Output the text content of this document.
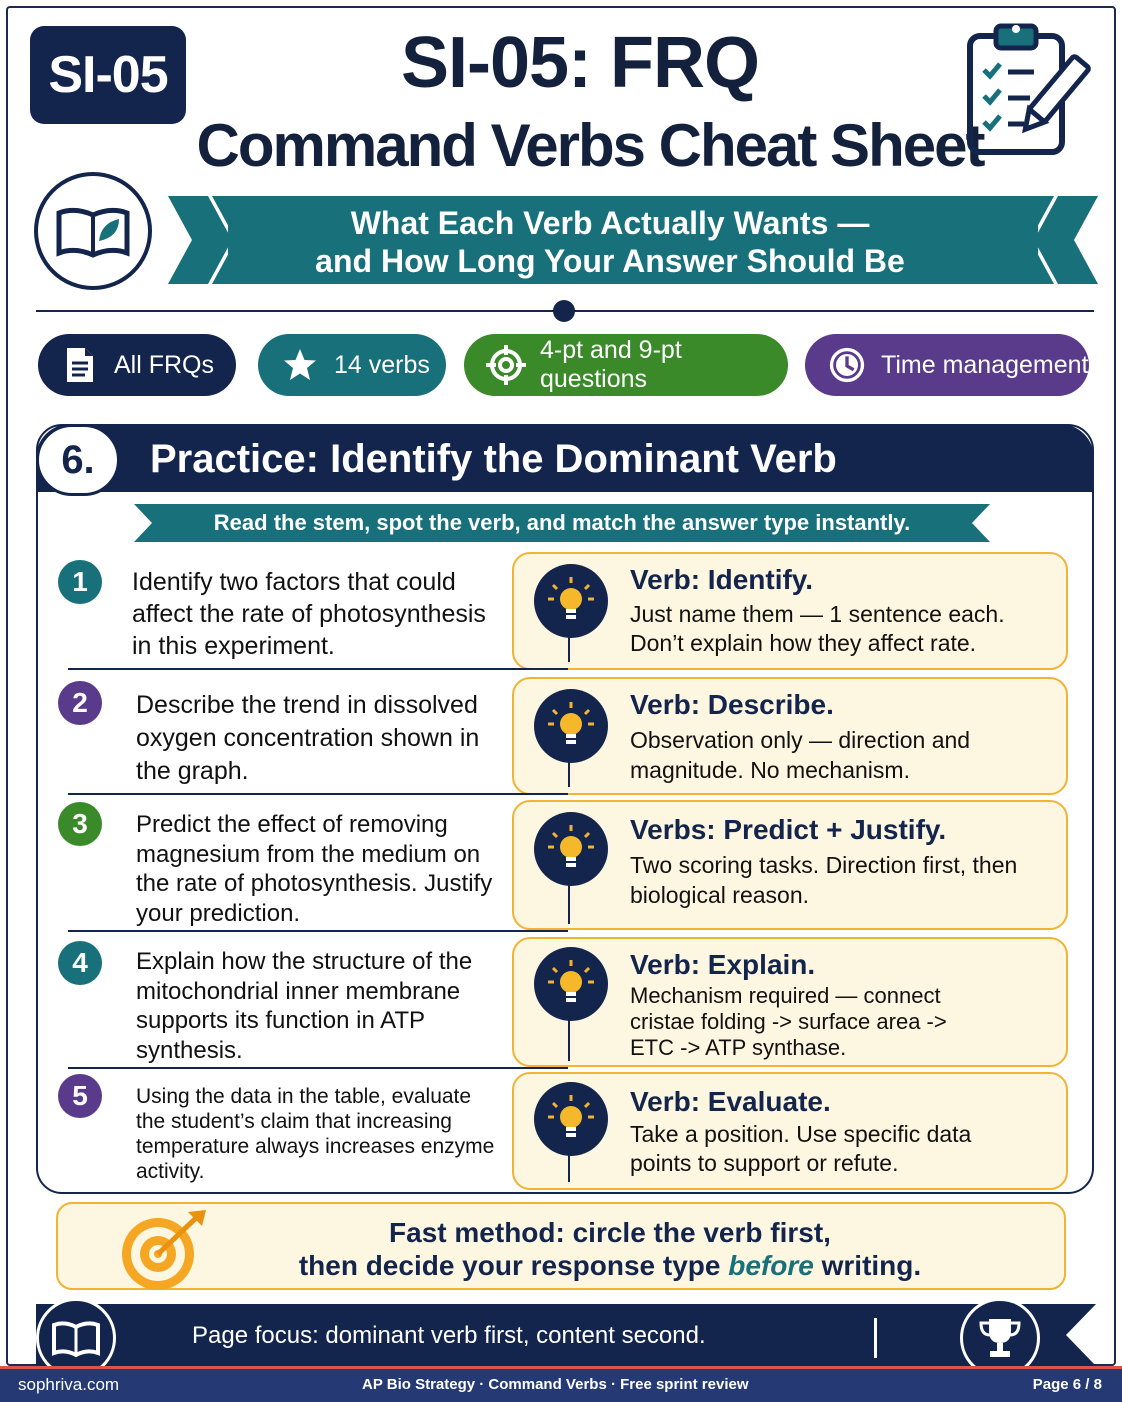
SI-05	SI-05: FRQ
Command Verbs Cheat Sheet
What Each Verb Actually Wants —
and How Long Your Answer Should Be
All FRQs	14 verbs
4-pt and 9-pt questions
Time management
6.	Practice: Identify the Dominant Verb
Read the stem, spot the verb, and match the answer type instantly.
1	Identify two factors that could affect the rate of photosynthesis in this experiment.
Verb: Identify.
Just name them — 1 sentence each. Don’t explain how they affect rate.
2	Describe the trend in dissolved oxygen concentration shown in the graph.
Verb: Describe.
Observation only — direction and magnitude. No mechanism.
3	Predict the effect of removing magnesium from the medium on the rate of photosynthesis. Justify your prediction.
Verbs: Predict + Justify.
Two scoring tasks. Direction first, then biological reason.
4	Explain how the structure of the mitochondrial inner membrane supports its function in ATP synthesis.
Verb: Explain.
Mechanism required — connect cristae folding -> surface area -> ETC -> ATP synthase.
5	Using the data in the table, evaluate the student’s claim that increasing temperature always increases enzyme activity.
Verb: Evaluate.
Take a position. Use specific data points to support or refute.
Fast method: circle the verb first,
then decide your response type before writing.
Page focus: dominant verb first, content second.
sophriva.com	AP Bio Strategy · Command Verbs · Free sprint review	Page 6 / 8
